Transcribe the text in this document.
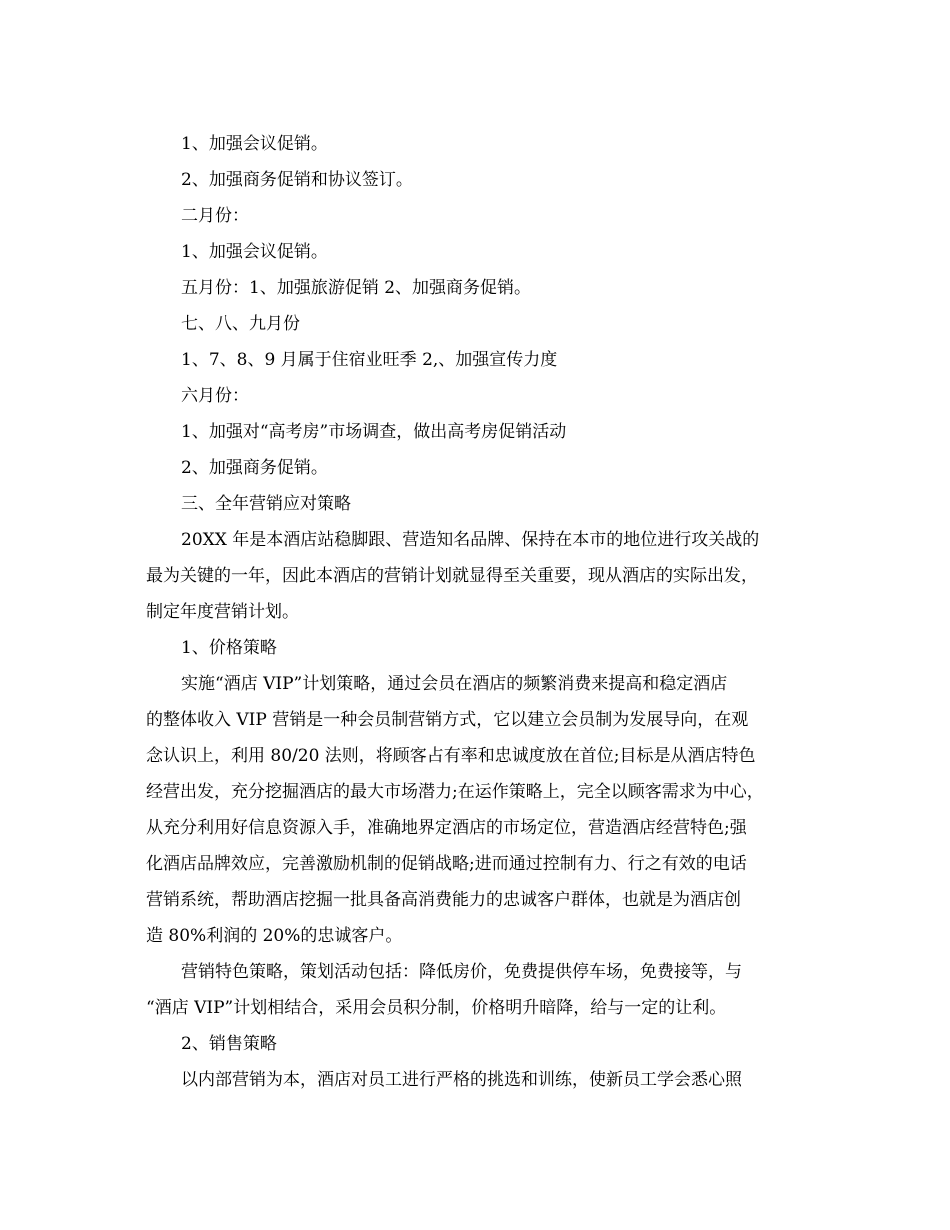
1、加强会议促销。
2、加强商务促销和协议签订。
二月份：
1、加强会议促销。
五月份：1、加强旅游促销 2、加强商务促销。
七、八、九月份
1、7、8、9 月属于住宿业旺季 2,、加强宣传力度
六月份：
1、加强对“高考房”市场调查，做出高考房促销活动
2、加强商务促销。
三、全年营销应对策略
20XX 年是本酒店站稳脚跟、营造知名品牌、保持在本市的地位进行攻关战的
最为关键的一年，因此本酒店的营销计划就显得至关重要，现从酒店的实际出发，
制定年度营销计划。
1、价格策略
实施“酒店 VIP”计划策略，通过会员在酒店的频繁消费来提高和稳定酒店
的整体收入 VIP 营销是一种会员制营销方式，它以建立会员制为发展导向，在观
念认识上，利用 80/20 法则，将顾客占有率和忠诚度放在首位;目标是从酒店特色
经营出发，充分挖掘酒店的最大市场潜力;在运作策略上，完全以顾客需求为中心，
从充分利用好信息资源入手，准确地界定酒店的市场定位，营造酒店经营特色;强
化酒店品牌效应，完善激励机制的促销战略;进而通过控制有力、行之有效的电话
营销系统，帮助酒店挖掘一批具备高消费能力的忠诚客户群体，也就是为酒店创
造 80%利润的 20%的忠诚客户。
营销特色策略，策划活动包括：降低房价，免费提供停车场，免费接等，与
“酒店 VIP”计划相结合，采用会员积分制，价格明升暗降，给与一定的让利。
2、销售策略
以内部营销为本，酒店对员工进行严格的挑选和训练，使新员工学会悉心照
